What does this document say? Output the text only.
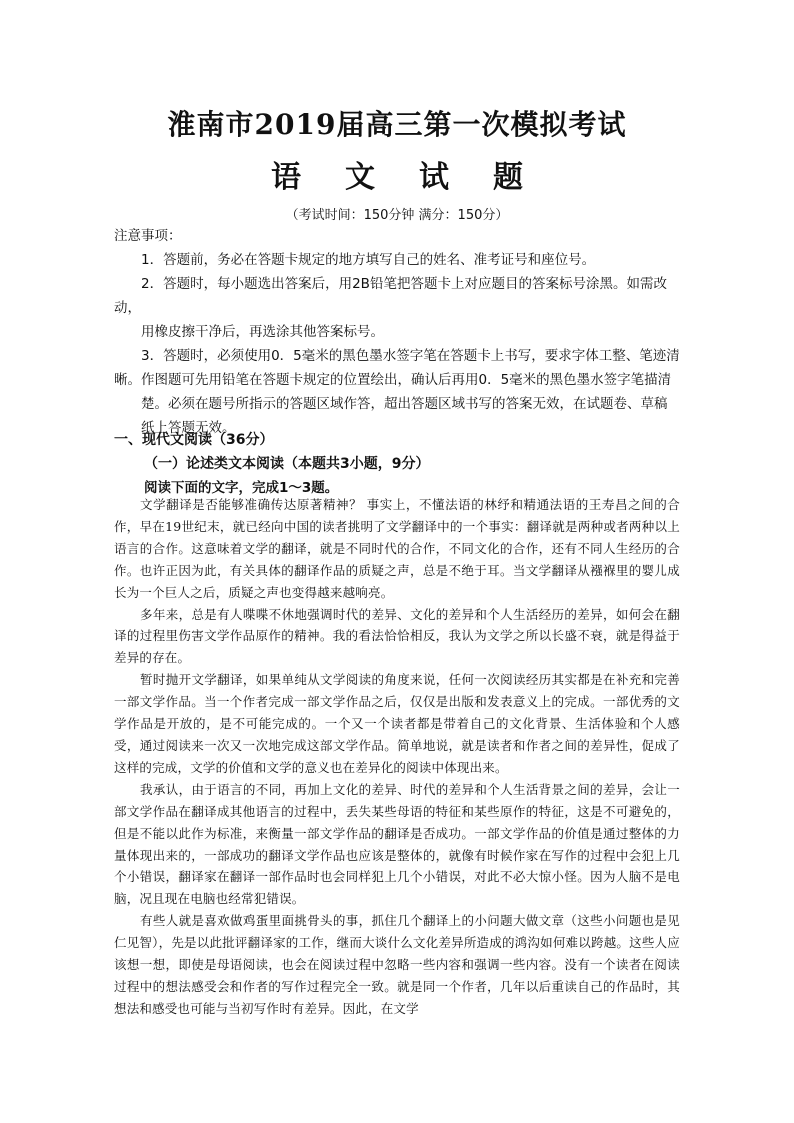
淮南市2019届高三第一次模拟考试
语文试题
（考试时间：150分钟 满分：150分）

注意事项：

1．答题前，务必在答题卡规定的地方填写自己的姓名、准考证号和座位号。

2．答题时，每小题选出答案后，用2B铅笔把答题卡上对应题目的答案标号涂黑。如需改动，

用橡皮擦干净后，再选涂其他答案标号。

3．答题时，必须使用0．5毫米的黑色墨水签字笔在答题卡上书写，要求字体工整、笔迹清晰。作图题可先用铅笔在答题卡规定的位置绘出，确认后再用0．5毫米的黑色墨水签字笔描清

楚。必须在题号所指示的答题区域作答，超出答题区域书写的答案无效，在试题卷、草稿纸上答题无效。

一、现代文阅读（36分）
（一）论述类文本阅读（本题共3小题，9分）
阅读下面的文字，完成1～3题。

文学翻译是否能够准确传达原著精神？ 事实上，不懂法语的林纾和精通法语的王寿昌之间的合作，早在19世纪末，就已经向中国的读者挑明了文学翻译中的一个事实：翻译就是两种或者两种以上语言的合作。这意味着文学的翻译，就是不同时代的合作，不同文化的合作，还有不同人生经历的合作。也许正因为此，有关具体的翻译作品的质疑之声，总是不绝于耳。当文学翻译从襁褓里的婴儿成长为一个巨人之后，质疑之声也变得越来越响亮。

多年来，总是有人喋喋不休地强调时代的差异、文化的差异和个人生活经历的差异，如何会在翻译的过程里伤害文学作品原作的精神。我的看法恰恰相反，我认为文学之所以长盛不衰，就是得益于差异的存在。

暂时抛开文学翻译，如果单纯从文学阅读的角度来说，任何一次阅读经历其实都是在补充和完善一部文学作品。当一个作者完成一部文学作品之后，仅仅是出版和发表意义上的完成。一部优秀的文学作品是开放的，是不可能完成的。一个又一个读者都是带着自己的文化背景、生活体验和个人感受，通过阅读来一次又一次地完成这部文学作品。简单地说，就是读者和作者之间的差异性，促成了这样的完成，文学的价值和文学的意义也在差异化的阅读中体现出来。

我承认，由于语言的不同，再加上文化的差异、时代的差异和个人生活背景之间的差异，会让一部文学作品在翻译成其他语言的过程中，丢失某些母语的特征和某些原作的特征，这是不可避免的，但是不能以此作为标准，来衡量一部文学作品的翻译是否成功。一部文学作品的价值是通过整体的力量体现出来的，一部成功的翻译文学作品也应该是整体的，就像有时候作家在写作的过程中会犯上几个小错误，翻译家在翻译一部作品时也会同样犯上几个小错误，对此不必大惊小怪。因为人脑不是电脑，况且现在电脑也经常犯错误。

有些人就是喜欢做鸡蛋里面挑骨头的事，抓住几个翻译上的小问题大做文章（这些小问题也是见仁见智），先是以此批评翻译家的工作，继而大谈什么文化差异所造成的鸿沟如何难以跨越。这些人应该想一想，即使是母语阅读，也会在阅读过程中忽略一些内容和强调一些内容。没有一个读者在阅读过程中的想法感受会和作者的写作过程完全一致。就是同一个作者，几年以后重读自己的作品时，其想法和感受也可能与当初写作时有差异。因此，在文学
